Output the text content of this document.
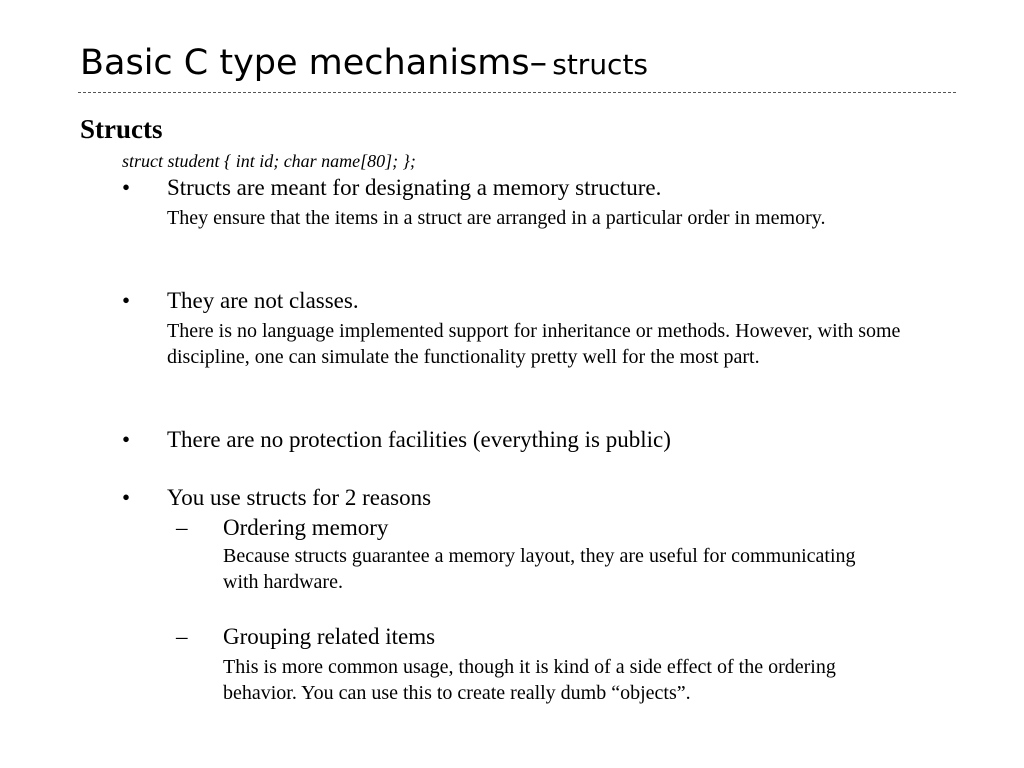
Basic C type mechanisms– structs
Structs
struct student { int id; char name[80]; };
• Structs are meant for designating a memory structure.
They ensure that the items in a struct are arranged in a particular order in memory.
• They are not classes.
There is no language implemented support for inheritance or methods. However, with some discipline, one can simulate the functionality pretty well for the most part.
• There are no protection facilities (everything is public)
• You use structs for 2 reasons
– Ordering memory
Because structs guarantee a memory layout, they are useful for communicating with hardware.
– Grouping related items
This is more common usage, though it is kind of a side effect of the ordering behavior. You can use this to create really dumb “objects”.
